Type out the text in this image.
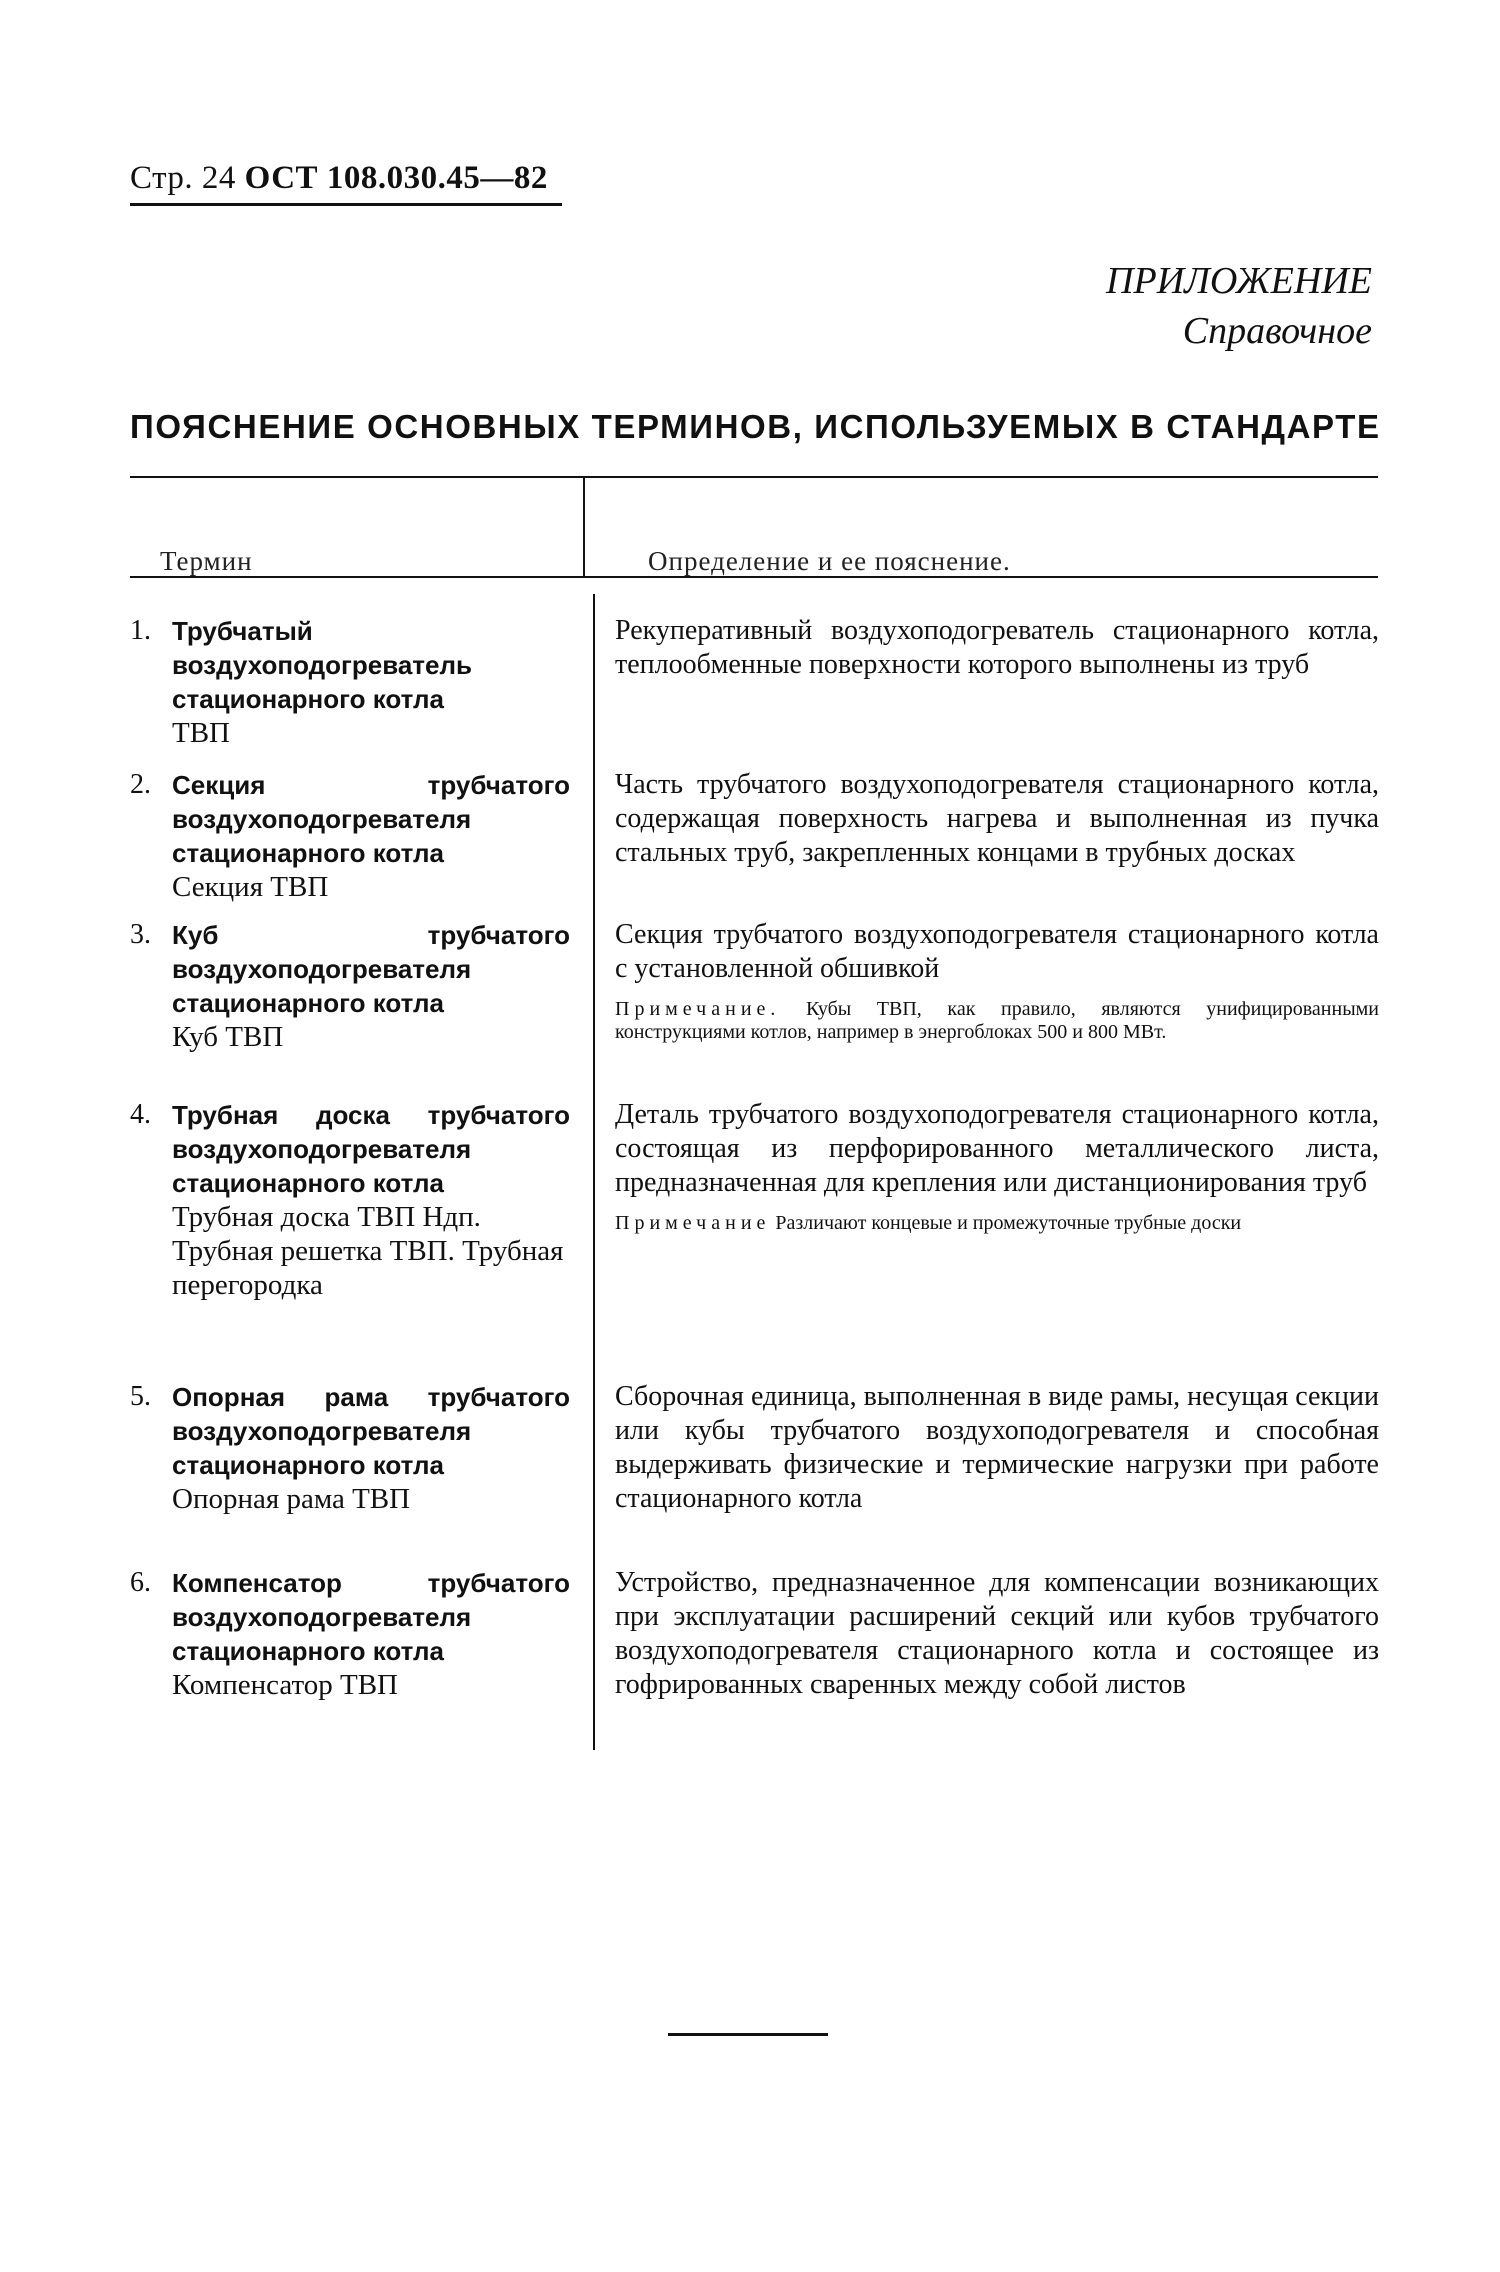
Стр. 24 ОСТ 108.030.45—82
ПРИЛОЖЕНИЕ
Справочное
ПОЯСНЕНИЕ ОСНОВНЫХ ТЕРМИНОВ, ИСПОЛЬЗУЕМЫХ В СТАНДАРТЕ
Термин	Определение и ее пояснение.
1. Трубчатый воздухоподогреватель стационарного котла
ТВП
Рекуперативный воздухоподогреватель стационарного котла, теплообменные поверхности которого выполнены из труб
2. Секция трубчатого воздухоподогревателя стационарного котла
Секция ТВП
Часть трубчатого воздухоподогревателя стационарного котла, содержащая поверхность нагрева и выполненная из пучка стальных труб, закрепленных концами в трубных досках
3. Куб трубчатого воздухоподогревателя стационарного котла
Куб ТВП
Секция трубчатого воздухоподогревателя стационарного котла с установленной обшивкой
Примечание. Кубы ТВП, как правило, являются унифицированными конструкциями котлов, например в энергоблоках 500 и 800 МВт.
4. Трубная доска трубчатого воздухоподогревателя стационарного котла
Трубная доска ТВП Ндп. Трубная решетка ТВП. Трубная перегородка
Деталь трубчатого воздухоподогревателя стационарного котла, состоящая из перфорированного металлического листа, предназначенная для крепления или дистанционирования труб
Примечание Различают концевые и промежуточные трубные доски
5. Опорная рама трубчатого воздухоподогревателя стационарного котла
Опорная рама ТВП
Сборочная единица, выполненная в виде рамы, несущая секции или кубы трубчатого воздухоподогревателя и способная выдерживать физические и термические нагрузки при работе стационарного котла
6. Компенсатор трубчатого воздухоподогревателя стационарного котла
Компенсатор ТВП
Устройство, предназначенное для компенсации возникающих при эксплуатации расширений секций или кубов трубчатого воздухоподогревателя стационарного котла и состоящее из гофрированных сваренных между собой листов
